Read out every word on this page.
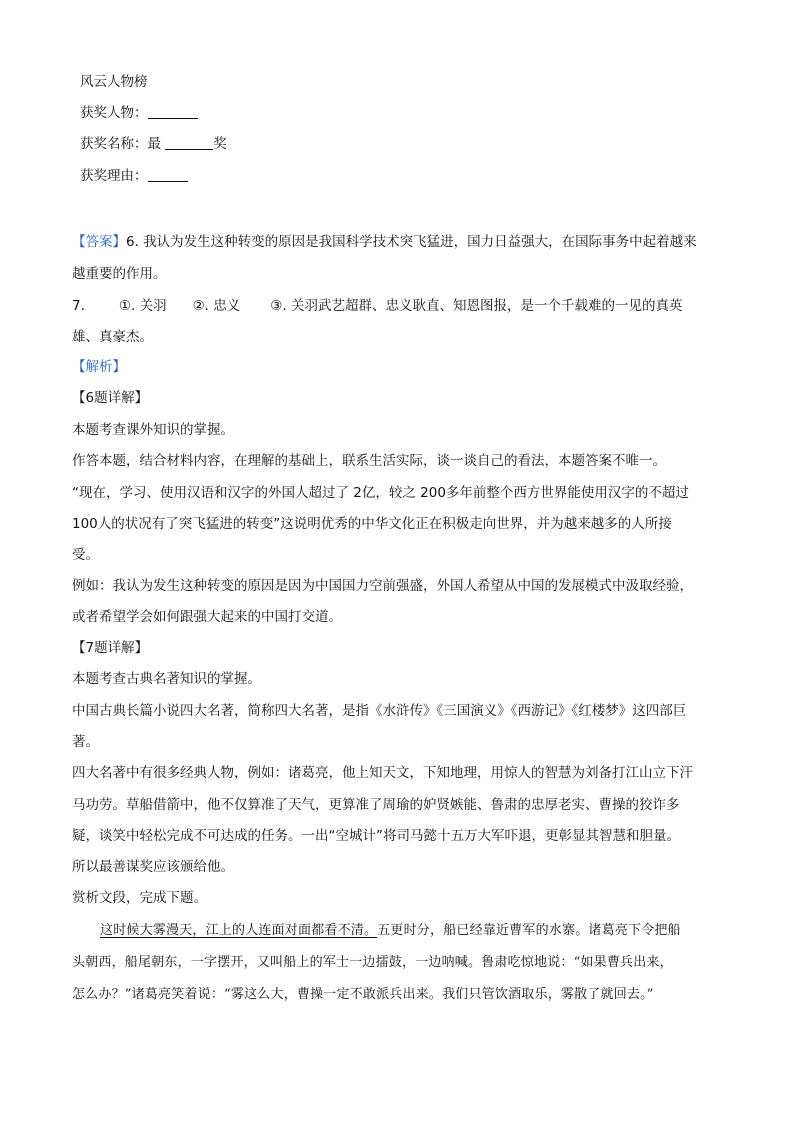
风云人物榜
获奖人物：
获奖名称：最	奖
获奖理由：
【答案】6. 我认为发生这种转变的原因是我国科学技术突飞猛进，国力日益强大，在国际事务中起着越来
越重要的作用。
7.	①. 关羽 ②. 忠义 ③. 关羽武艺超群、忠义耿直、知恩图报，是一个千载难的一见的真英
雄、真豪杰。
【解析】
【6题详解】
本题考查课外知识的掌握。
作答本题，结合材料内容，在理解的基础上，联系生活实际，谈一谈自己的看法，本题答案不唯一。
“现在，学习、使用汉语和汉字的外国人超过了 2亿，较之 200多年前整个西方世界能使用汉字的不超过
100人的状况有了突飞猛进的转变”这说明优秀的中华文化正在积极走向世界，并为越来越多的人所接
受。
例如：我认为发生这种转变的原因是因为中国国力空前强盛，外国人希望从中国的发展模式中汲取经验，
或者希望学会如何跟强大起来的中国打交道。
【7题详解】
本题考查古典名著知识的掌握。
中国古典长篇小说四大名著，简称四大名著，是指《水浒传》《三国演义》《西游记》《红楼梦》这四部巨
著。
四大名著中有很多经典人物，例如：诸葛亮，他上知天文，下知地理，用惊人的智慧为刘备打江山立下汗
马功劳。草船借箭中，他不仅算准了天气，更算准了周瑜的妒贤嫉能、鲁肃的忠厚老实、曹操的狡诈多
疑，谈笑中轻松完成不可达成的任务。一出“空城计”将司马懿十五万大军吓退，更彰显其智慧和胆量。
所以最善谋奖应该颁给他。
赏析文段，完成下题。
这时候大雾漫天，江上的人连面对面都看不清。五更时分，船已经靠近曹军的水寨。诸葛亮下令把船
头朝西，船尾朝东，一字摆开，又叫船上的军士一边擂鼓，一边呐喊。鲁肃吃惊地说：“如果曹兵出来，
怎么办？”诸葛亮笑着说：“雾这么大，曹操一定不敢派兵出来。我们只管饮酒取乐，雾散了就回去。”
